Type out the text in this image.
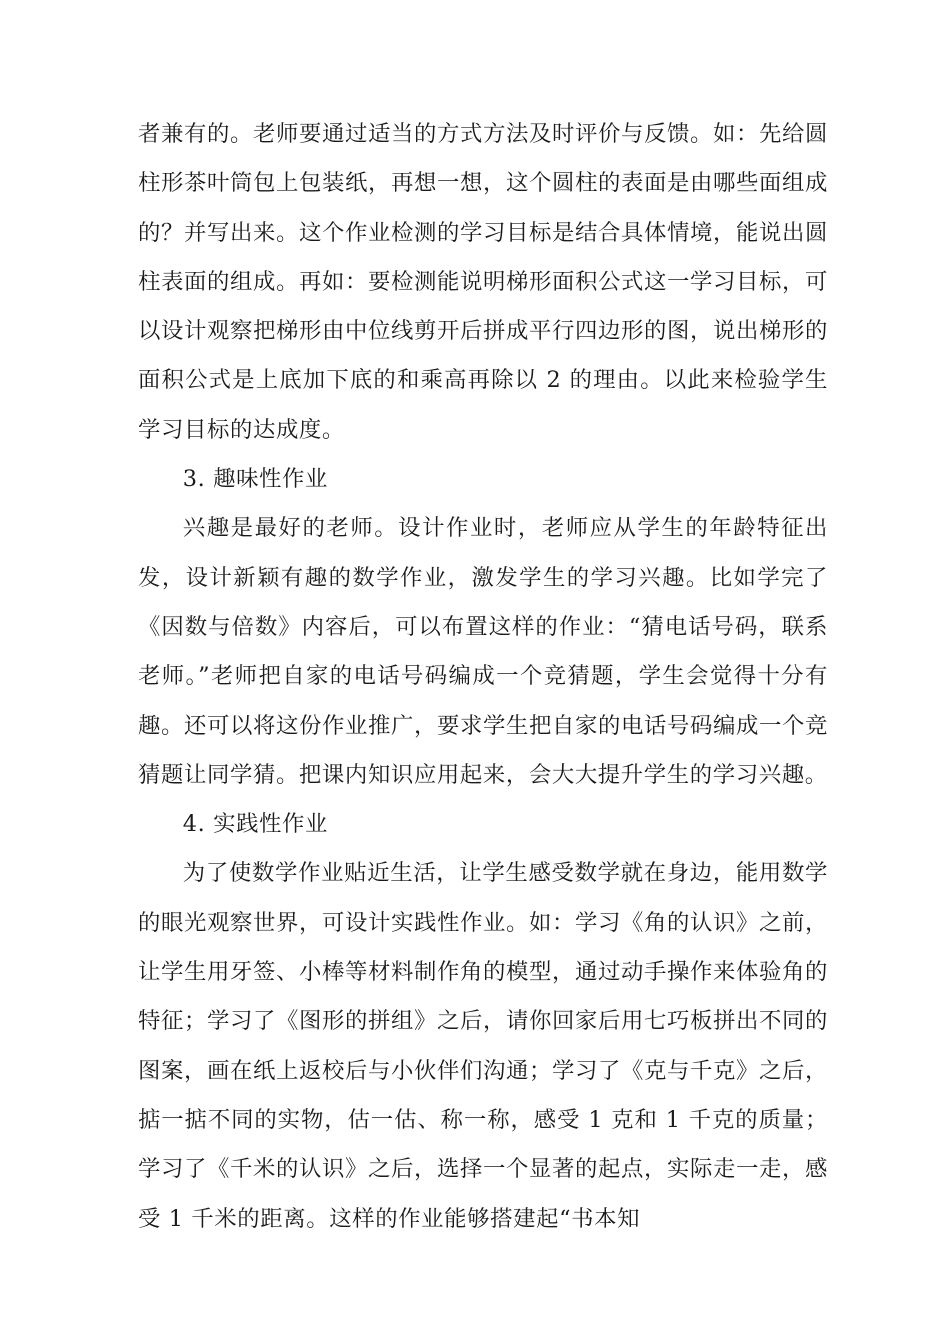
者兼有的。老师要通过适当的方式方法及时评价与反馈。如：先给圆柱形茶叶筒包上包装纸，再想一想，这个圆柱的表面是由哪些面组成的？并写出来。这个作业检测的学习目标是结合具体情境，能说出圆柱表面的组成。再如：要检测能说明梯形面积公式这一学习目标，可以设计观察把梯形由中位线剪开后拼成平行四边形的图，说出梯形的面积公式是上底加下底的和乘高再除以 2 的理由。以此来检验学生学习目标的达成度。

3. 趣味性作业

兴趣是最好的老师。设计作业时，老师应从学生的年龄特征出发，设计新颖有趣的数学作业，激发学生的学习兴趣。比如学完了《因数与倍数》内容后，可以布置这样的作业：“猜电话号码，联系老师。”老师把自家的电话号码编成一个竞猜题，学生会觉得十分有趣。还可以将这份作业推广，要求学生把自家的电话号码编成一个竞猜题让同学猜。把课内知识应用起来，会大大提升学生的学习兴趣。

4. 实践性作业

为了使数学作业贴近生活，让学生感受数学就在身边，能用数学的眼光观察世界，可设计实践性作业。如：学习《角的认识》之前，让学生用牙签、小棒等材料制作角的模型，通过动手操作来体验角的特征；学习了《图形的拼组》之后，请你回家后用七巧板拼出不同的图案，画在纸上返校后与小伙伴们沟通；学习了《克与千克》之后，掂一掂不同的实物，估一估、称一称，感受 1 克和 1 千克的质量；学习了《千米的认识》之后，选择一个显著的起点，实际走一走，感受 1 千米的距离。这样的作业能够搭建起“书本知
